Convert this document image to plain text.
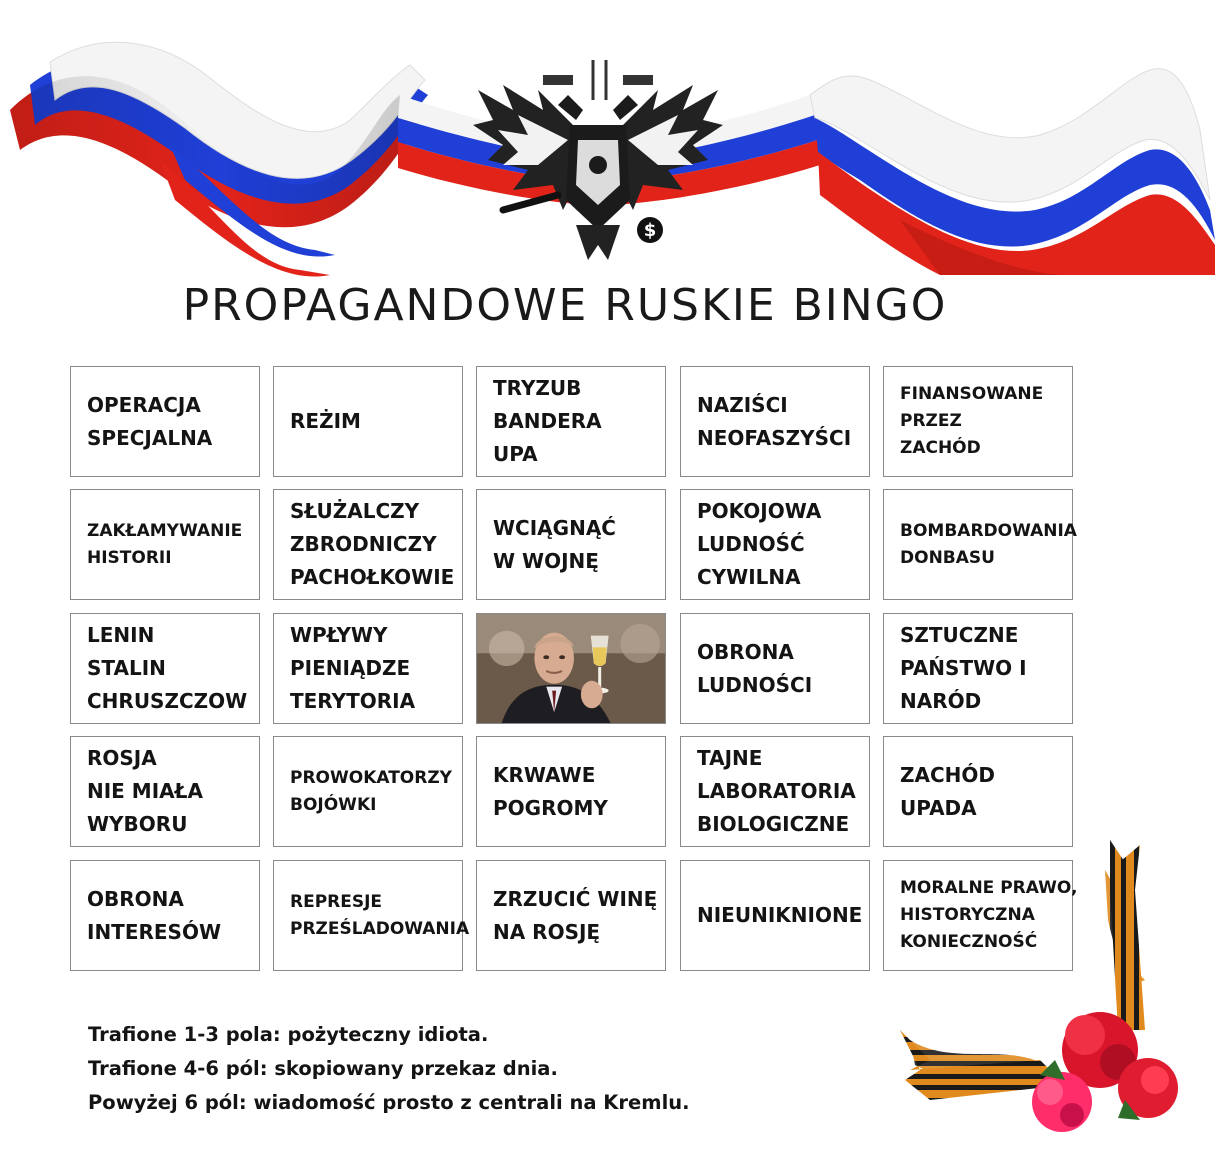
$
PROPAGANDOWE RUSKIE BINGO
OPERACJA
SPECJALNA
REŻIM
TRYZUB
BANDERA
UPA
NAZIŚCI
NEOFASZYŚCI
FINANSOWANE
PRZEZ
ZACHÓD
ZAKŁAMYWANIE
HISTORII
SŁUŻALCZY
ZBRODNICZY
PACHOŁKOWIE
WCIĄGNĄĆ
W WOJNĘ
POKOJOWA
LUDNOŚĆ
CYWILNA
BOMBARDOWANIA
DONBASU
LENIN
STALIN
CHRUSZCZOW
WPŁYWY
PIENIĄDZE
TERYTORIA
OBRONA
LUDNOŚCI
SZTUCZNE
PAŃSTWO I
NARÓD
ROSJA
NIE MIAŁA
WYBORU
PROWOKATORZY
BOJÓWKI
KRWAWE
POGROMY
TAJNE
LABORATORIA
BIOLOGICZNE
ZACHÓD
UPADA
OBRONA
INTERESÓW
REPRESJE
PRZEŚLADOWANIA
ZRZUCIĆ WINĘ
NA ROSJĘ
NIEUNIKNIONE
MORALNE PRAWO,
HISTORYCZNA
KONIECZNOŚĆ
Trafione 1-3 pola: pożyteczny idiota.
Trafione 4-6 pól: skopiowany przekaz dnia.
Powyżej 6 pól: wiadomość prosto z centrali na Kremlu.
